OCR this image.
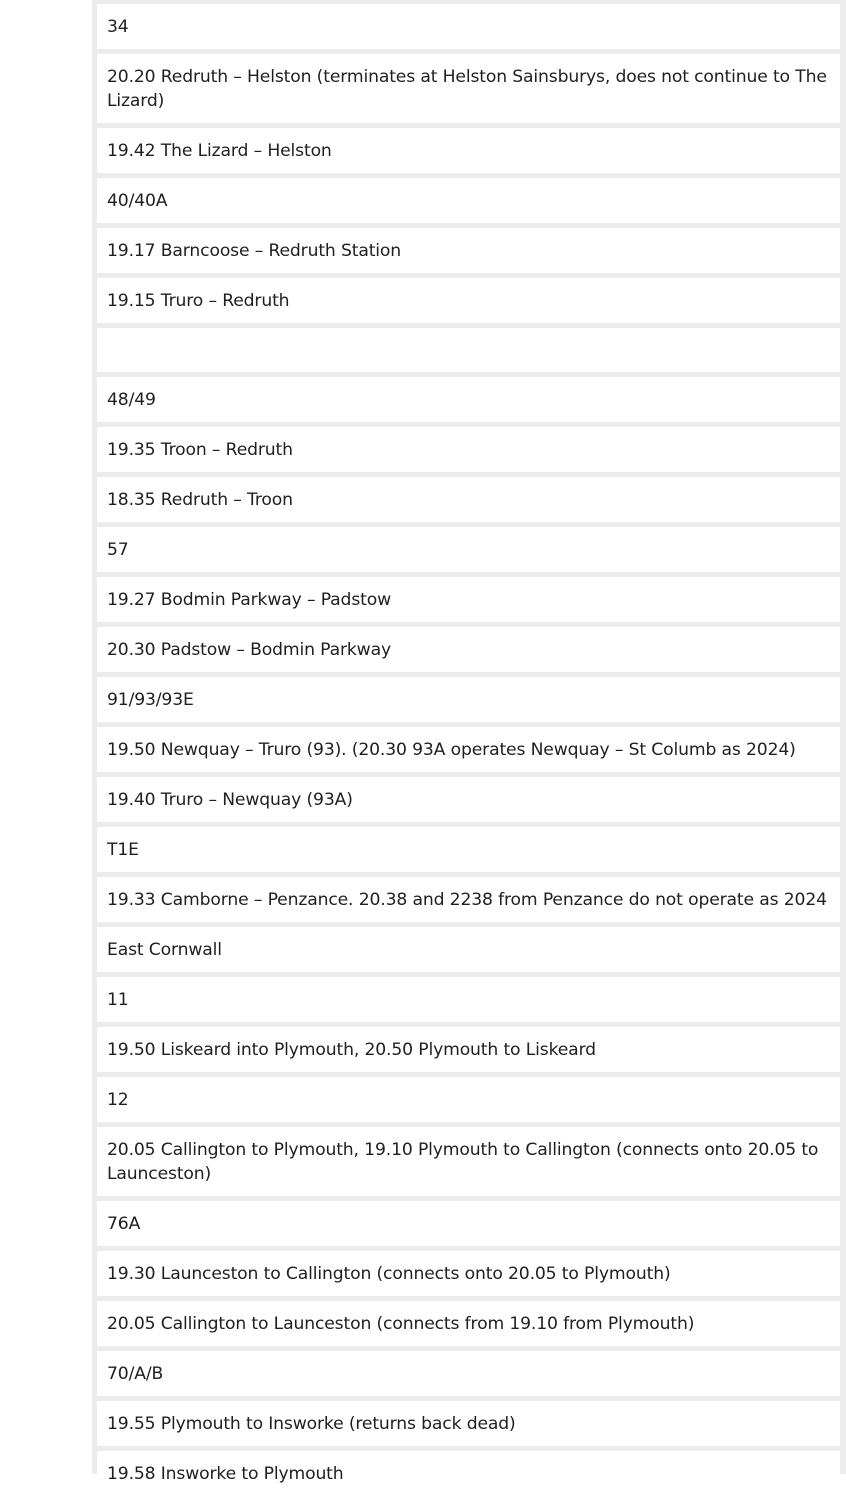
34
20.20 Redruth – Helston (terminates at Helston Sainsburys, does not continue to The Lizard)
19.42 The Lizard – Helston
40/40A
19.17 Barncoose – Redruth Station
19.15 Truro – Redruth
48/49
19.35 Troon – Redruth
18.35 Redruth – Troon
57
19.27 Bodmin Parkway – Padstow
20.30 Padstow – Bodmin Parkway
91/93/93E
19.50 Newquay – Truro (93). (20.30 93A operates Newquay – St Columb as 2024)
19.40 Truro – Newquay (93A)
T1E
19.33 Camborne – Penzance. 20.38 and 2238 from Penzance do not operate as 2024
East Cornwall
11
19.50 Liskeard into Plymouth, 20.50 Plymouth to Liskeard
12
20.05 Callington to Plymouth, 19.10 Plymouth to Callington (connects onto 20.05 to Launceston)
76A
19.30 Launceston to Callington (connects onto 20.05 to Plymouth)
20.05 Callington to Launceston (connects from 19.10 from Plymouth)
70/A/B
19.55 Plymouth to Insworke (returns back dead)
19.58 Insworke to Plymouth
